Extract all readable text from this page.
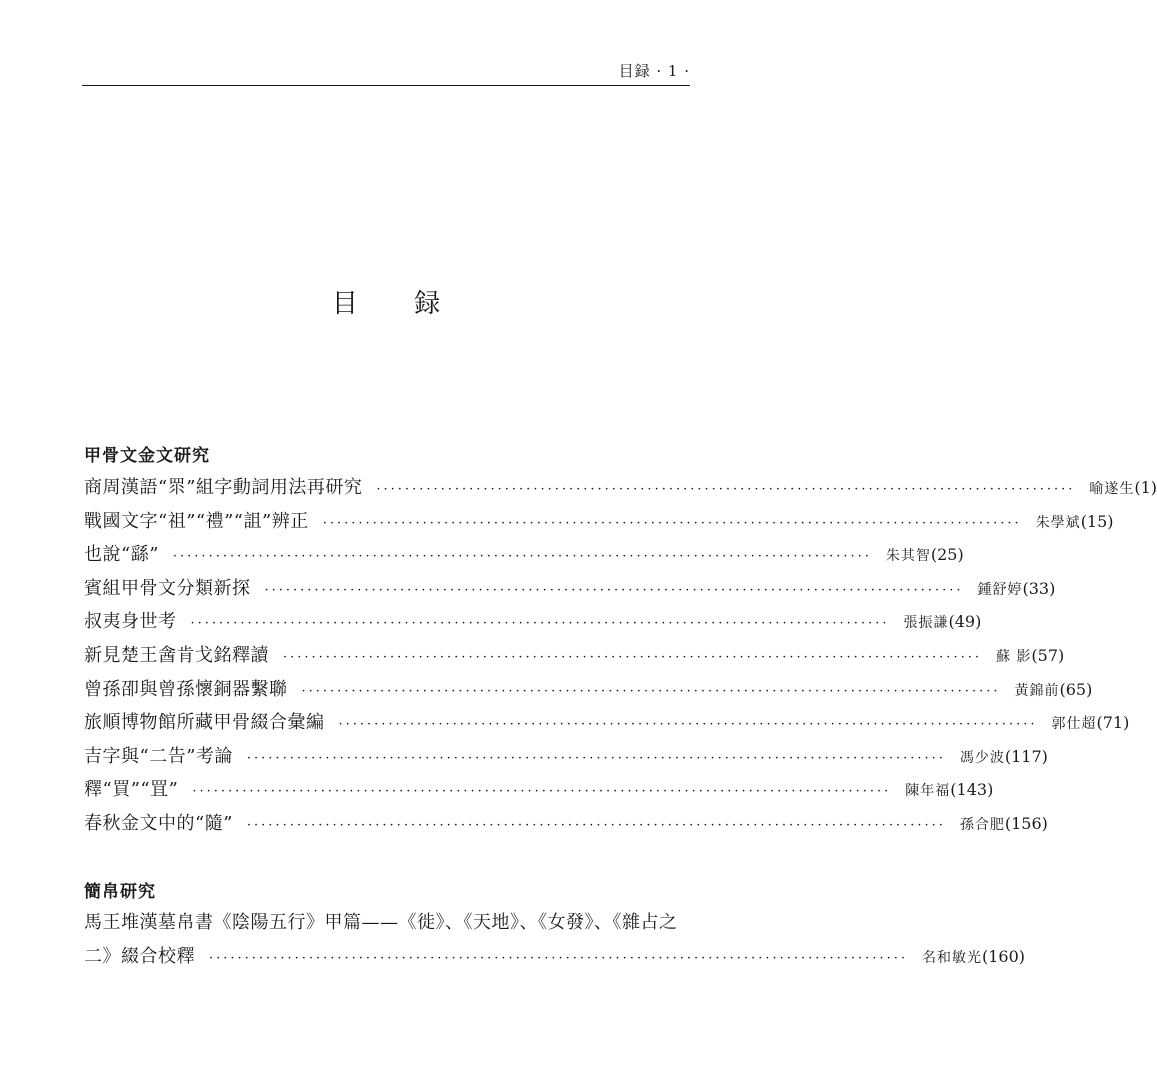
目録 · 1 ·
目 録
甲骨文金文研究
商周漢語“眔”組字動詞用法再研究 ·································································································· 喻遂生 (1)
戰國文字“祖”“禮”“詛”辨正 ·································································································· 朱學斌 (15)
也說“繇” ·································································································· 朱其智 (25)
賓組甲骨文分類新探 ·································································································· 鍾舒婷 (33)
叔夷身世考 ·································································································· 張振謙 (49)
新見楚王酓肯戈銘釋讀 ·································································································· 蘇 影 (57)
曾孫卲與曾孫懷銅器繫聯 ·································································································· 黃錦前 (65)
旅順博物館所藏甲骨綴合彙編 ·································································································· 郭仕超 (71)
吉字與“二告”考論 ·································································································· 馮少波 (117)
釋“買”“罝” ·································································································· 陳年福 (143)
春秋金文中的“隨” ·································································································· 孫合肥 (156)
簡帛研究
馬王堆漢墓帛書《陰陽五行》甲篇——《徙》、《天地》、《女發》、《雜占之
二》綴合校釋 ·································································································· 名和敏光 (160)
